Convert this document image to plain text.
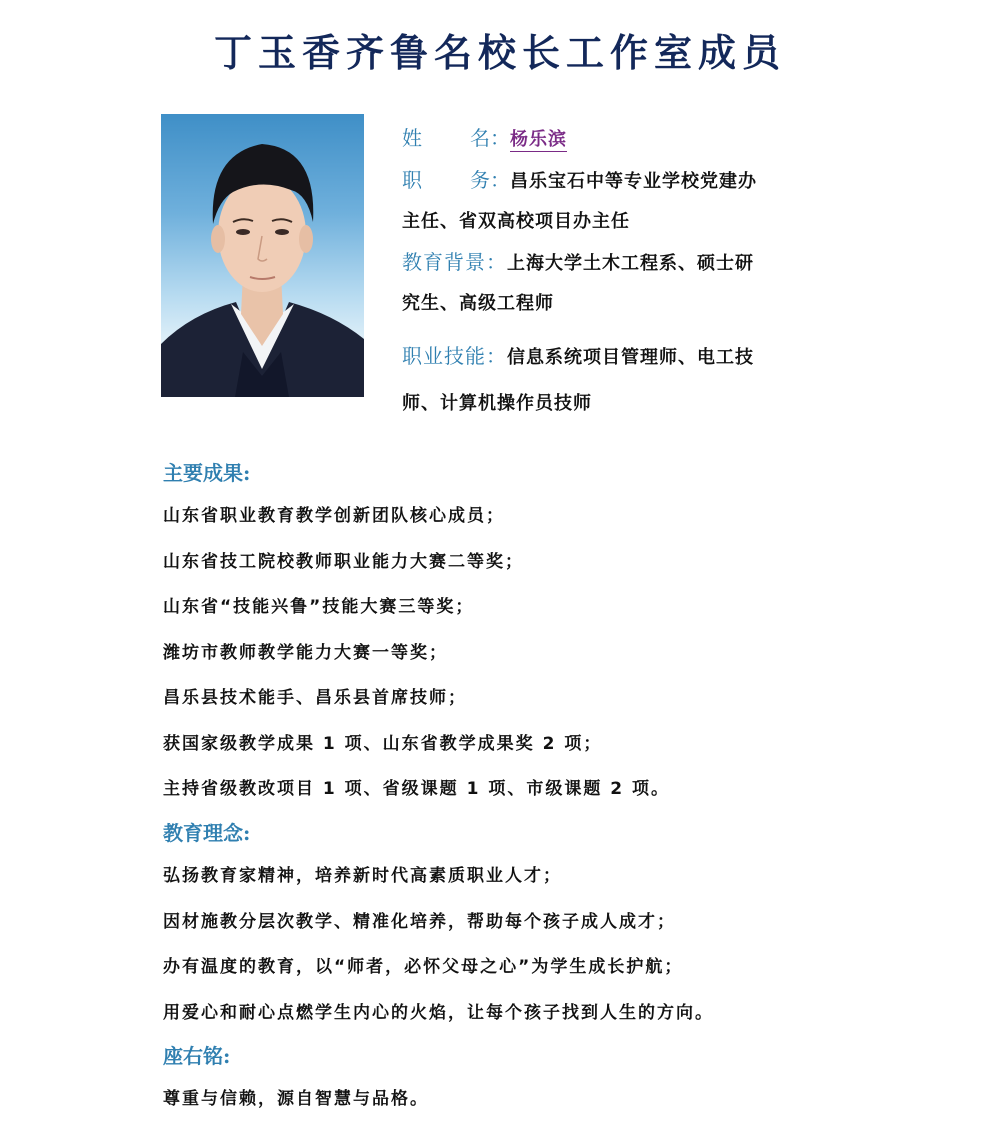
丁玉香齐鲁名校长工作室成员
姓名：杨乐滨
职务：昌乐宝石中等专业学校党建办
主任、省双高校项目办主任
教育背景：上海大学土木工程系、硕士研
究生、高级工程师
职业技能：信息系统项目管理师、电工技
师、计算机操作员技师
主要成果:
山东省职业教育教学创新团队核心成员；
山东省技工院校教师职业能力大赛二等奖；
山东省“技能兴鲁”技能大赛三等奖；
潍坊市教师教学能力大赛一等奖；
昌乐县技术能手、昌乐县首席技师；
获国家级教学成果 1 项、山东省教学成果奖 2 项；
主持省级教改项目 1 项、省级课题 1 项、市级课题 2 项。
教育理念:
弘扬教育家精神，培养新时代高素质职业人才；
因材施教分层次教学、精准化培养，帮助每个孩子成人成才；
办有温度的教育，以“师者，必怀父母之心”为学生成长护航；
用爱心和耐心点燃学生内心的火焰，让每个孩子找到人生的方向。
座右铭:
尊重与信赖，源自智慧与品格。
